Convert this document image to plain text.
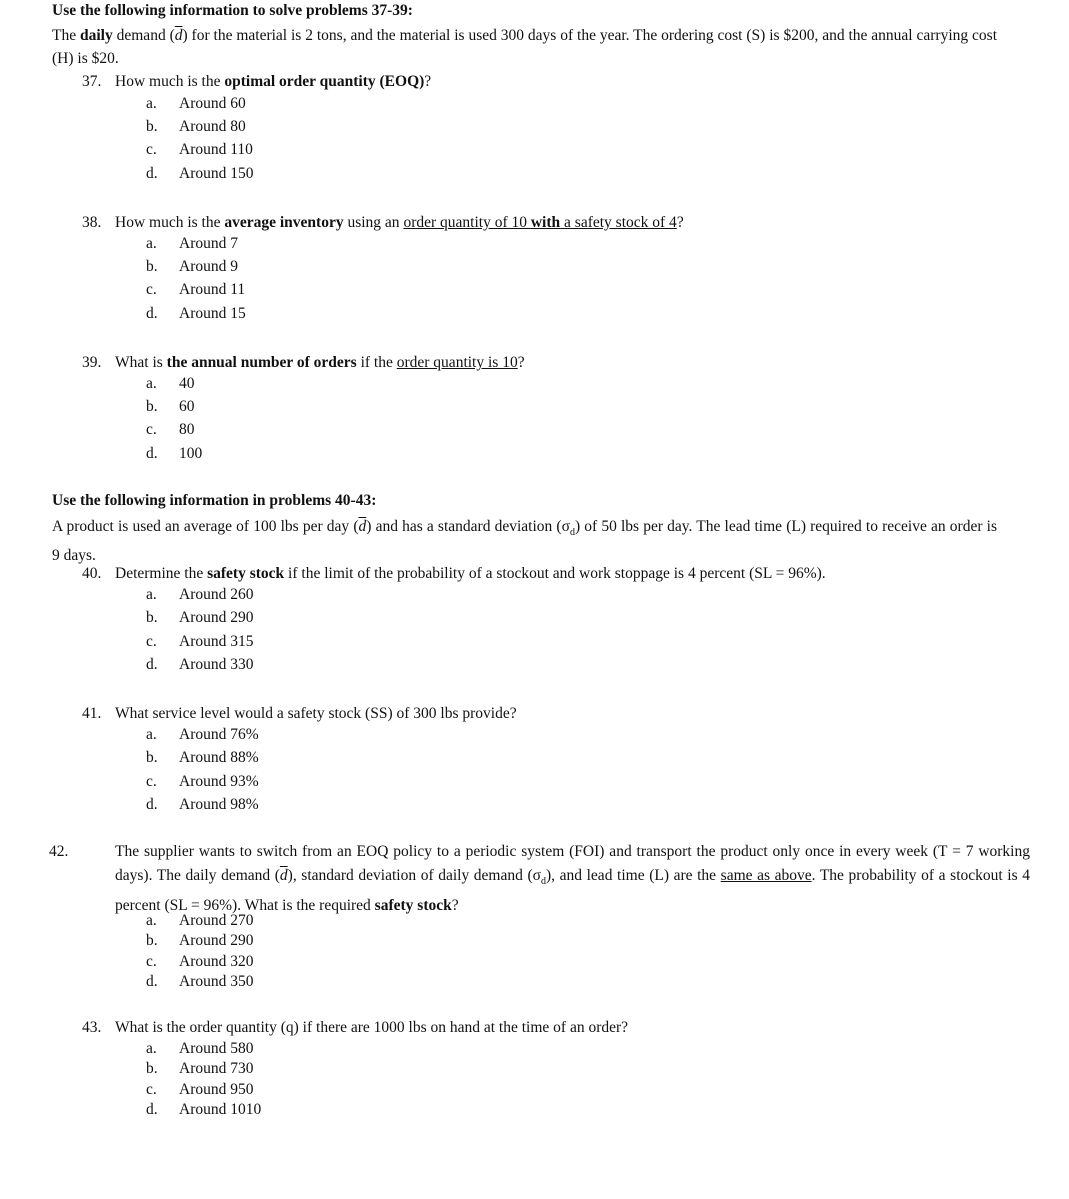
Use the following information to solve problems 37-39:
The daily demand $(\overline{d})$ for the material is 2 tons, and the material is used 300 days of the year. The ordering cost (S) is $200, and the annual carrying cost (H) is $20.
37. How much is the optimal order quantity (EOQ)?
a. Around 60
b. Around 80
c. Around 110
d. Around 150
38. How much is the average inventory using an order quantity of 10 with a safety stock of 4?
a. Around 7
b. Around 9
c. Around 11
d. Around 15
39. What is the annual number of orders if the order quantity is 10?
a. 40
b. 60
c. 80
d. 100
Use the following information in problems 40-43:
A product is used an average of 100 lbs per day $(\overline{d})$ and has a standard deviation $(\sigma_d)$ of 50 lbs per day. The lead time (L) required to receive an order is 9 days.
40. Determine the safety stock if the limit of the probability of a stockout and work stoppage is 4 percent (SL = 96%).
a. Around 260
b. Around 290
c. Around 315
d. Around 330
41. What service level would a safety stock (SS) of 300 lbs provide?
a. Around 76%
b. Around 88%
c. Around 93%
d. Around 98%
42.	The supplier wants to switch from an EOQ policy to a periodic system (FOI) and transport the product only once in every week (T = 7 working days). The daily demand $(\overline{d})$, standard deviation of daily demand $(\sigma_d)$, and lead time (L) are the same as above. The probability of a stockout is 4 percent (SL = 96%). What is the required safety stock?
a. Around 270
b. Around 290
c. Around 320
d. Around 350
43. What is the order quantity (q) if there are 1000 lbs on hand at the time of an order?
a. Around 580
b. Around 730
c. Around 950
d. Around 1010
